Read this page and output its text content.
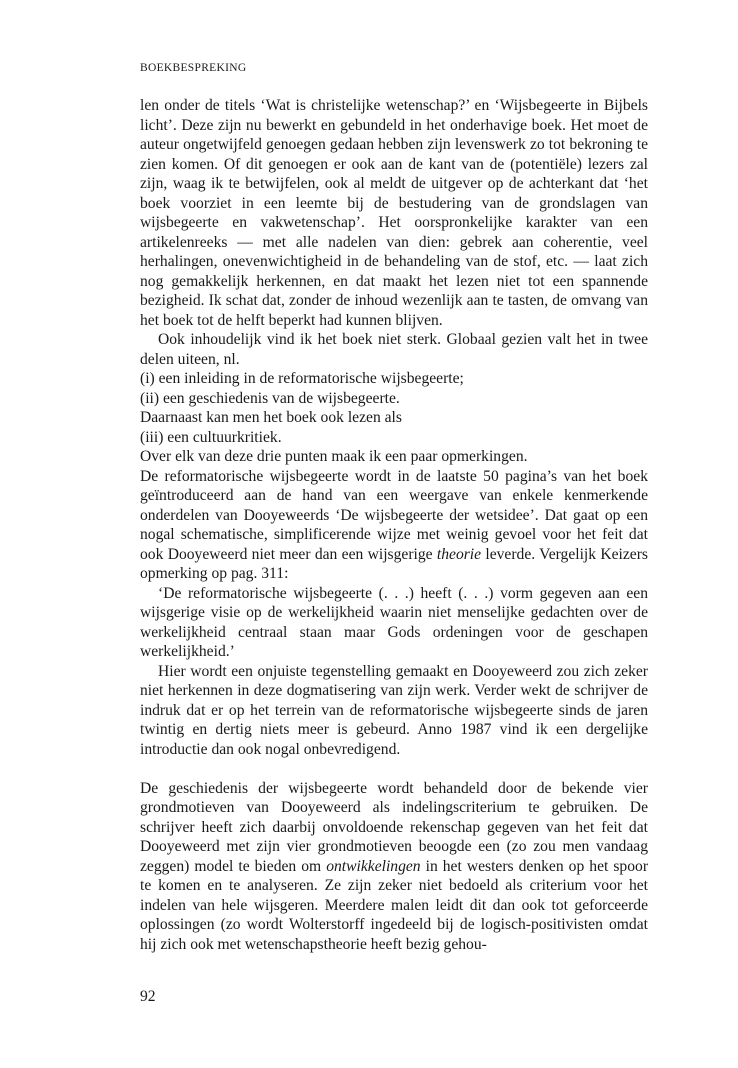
BOEKBESPREKING

len onder de titels ‘Wat is christelijke wetenschap?’ en ‘Wijsbegeerte in Bijbels licht’. Deze zijn nu bewerkt en gebundeld in het onderhavige boek. Het moet de auteur ongetwijfeld genoegen gedaan hebben zijn levenswerk zo tot bekroning te zien komen. Of dit genoegen er ook aan de kant van de (potentiële) lezers zal zijn, waag ik te betwijfelen, ook al meldt de uitgever op de achterkant dat ‘het boek voorziet in een leemte bij de bestudering van de grondslagen van wijsbegeerte en vakwetenschap’. Het oorspronkelijke karakter van een artikelenreeks — met alle nadelen van dien: gebrek aan coherentie, veel herhalingen, onevenwichtigheid in de behandeling van de stof, etc. — laat zich nog gemakkelijk herkennen, en dat maakt het lezen niet tot een spannende bezigheid. Ik schat dat, zonder de inhoud wezenlijk aan te tasten, de omvang van het boek tot de helft beperkt had kunnen blijven.

Ook inhoudelijk vind ik het boek niet sterk. Globaal gezien valt het in twee delen uiteen, nl.

(i) een inleiding in de reformatorische wijsbegeerte;

(ii) een geschiedenis van de wijsbegeerte.

Daarnaast kan men het boek ook lezen als

(iii) een cultuurkritiek.

Over elk van deze drie punten maak ik een paar opmerkingen.

De reformatorische wijsbegeerte wordt in de laatste 50 pagina’s van het boek geïntroduceerd aan de hand van een weergave van enkele kenmerkende onderdelen van Dooyeweerds ‘De wijsbegeerte der wetsidee’. Dat gaat op een nogal schematische, simplificerende wijze met weinig gevoel voor het feit dat ook Dooyeweerd niet meer dan een wijsgerige theorie leverde. Vergelijk Keizers opmerking op pag. 311:

‘De reformatorische wijsbegeerte (. . .) heeft (. . .) vorm gegeven aan een wijsgerige visie op de werkelijkheid waarin niet menselijke gedachten over de werkelijkheid centraal staan maar Gods ordeningen voor de geschapen werkelijkheid.’

Hier wordt een onjuiste tegenstelling gemaakt en Dooyeweerd zou zich zeker niet herkennen in deze dogmatisering van zijn werk. Verder wekt de schrijver de indruk dat er op het terrein van de reformatorische wijsbegeerte sinds de jaren twintig en dertig niets meer is gebeurd. Anno 1987 vind ik een dergelijke introductie dan ook nogal onbevredigend.

De geschiedenis der wijsbegeerte wordt behandeld door de bekende vier grondmotieven van Dooyeweerd als indelingscriterium te gebruiken. De schrijver heeft zich daarbij onvoldoende rekenschap gegeven van het feit dat Dooyeweerd met zijn vier grondmotieven beoogde een (zo zou men vandaag zeggen) model te bieden om ontwikkelingen in het westers denken op het spoor te komen en te analyseren. Ze zijn zeker niet bedoeld als criterium voor het indelen van hele wijsgeren. Meerdere malen leidt dit dan ook tot geforceerde oplossingen (zo wordt Wolterstorff ingedeeld bij de logisch-positivisten omdat hij zich ook met wetenschapstheorie heeft bezig gehou-

92
